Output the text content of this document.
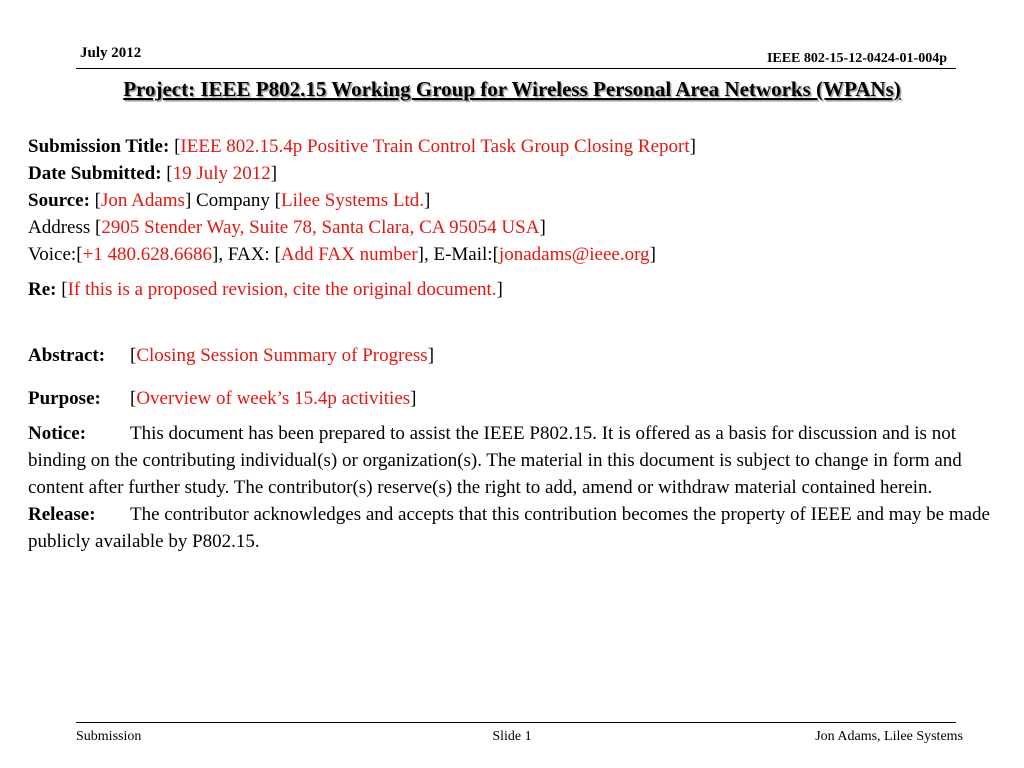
July 2012	IEEE 802-15-12-0424-01-004p
Project: IEEE P802.15 Working Group for Wireless Personal Area Networks (WPANs)
Submission Title: [IEEE 802.15.4p Positive Train Control Task Group Closing Report]
Date Submitted: [19 July 2012]
Source: [Jon Adams] Company [Lilee Systems Ltd.]
Address [2905 Stender Way, Suite 78, Santa Clara, CA 95054 USA]
Voice:[+1 480.628.6686], FAX: [Add FAX number], E-Mail:[jonadams@ieee.org]
Re: [If this is a proposed revision, cite the original document.]
Abstract: [Closing Session Summary of Progress]
Purpose: [Overview of week’s 15.4p activities]
Notice: This document has been prepared to assist the IEEE P802.15. It is offered as a basis for discussion and is not binding on the contributing individual(s) or organization(s). The material in this document is subject to change in form and content after further study. The contributor(s) reserve(s) the right to add, amend or withdraw material contained herein.
Release: The contributor acknowledges and accepts that this contribution becomes the property of IEEE and may be made publicly available by P802.15.
Submission	Slide 1	Jon Adams, Lilee Systems
